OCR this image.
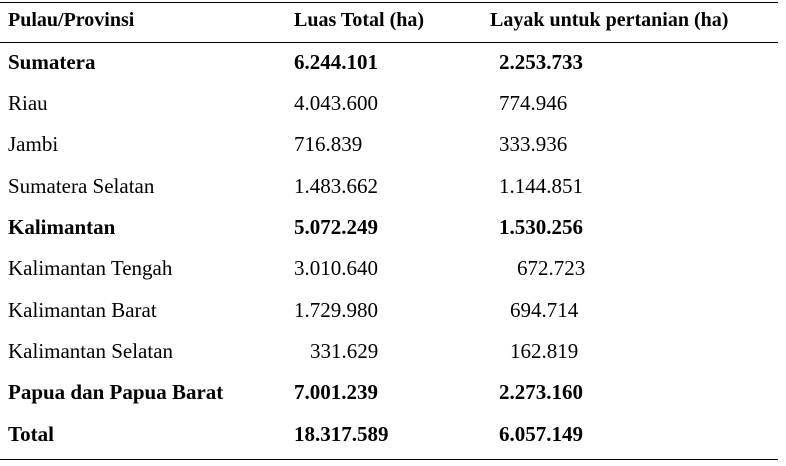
Pulau/Provinsi	Luas Total (ha)	Layak untuk pertanian (ha)
Sumatera	6.244.101	2.253.733
Riau	4.043.600	774.946
Jambi	716.839	333.936
Sumatera Selatan	1.483.662	1.144.851
Kalimantan	5.072.249	1.530.256
Kalimantan Tengah	3.010.640	672.723
Kalimantan Barat	1.729.980	694.714
Kalimantan Selatan	331.629	162.819
Papua dan Papua Barat	7.001.239	2.273.160
Total	18.317.589	6.057.149
